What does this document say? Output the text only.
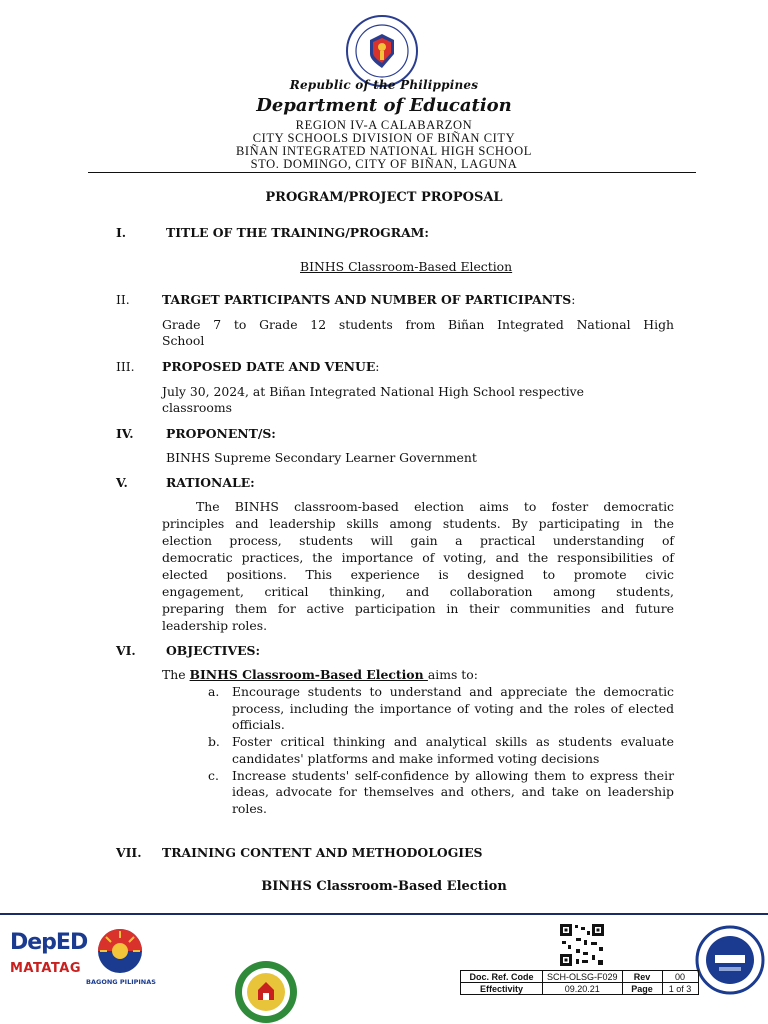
Republic of the Philippines
Department of Education
REGION IV-A CALABARZON
CITY SCHOOLS DIVISION OF BIÑAN CITY
BIÑAN INTEGRATED NATIONAL HIGH SCHOOL
STO. DOMINGO, CITY OF BIÑAN, LAGUNA
PROGRAM/PROJECT PROPOSAL
I.	TITLE OF THE TRAINING/PROGRAM:
BINHS Classroom-Based Election
II.	TARGET PARTICIPANTS AND NUMBER OF PARTICIPANTS:
Grade 7 to Grade 12 students from Biñan Integrated National High
School
III. PROPOSED DATE AND VENUE:
July 30, 2024, at Biñan Integrated National High School respective
classrooms
IV.	PROPONENT/S:
BINHS Supreme Secondary Learner Government
V.	RATIONALE:
The BINHS classroom-based election aims to foster democratic
principles and leadership skills among students. By participating in the
election process, students will gain a practical understanding of
democratic practices, the importance of voting, and the responsibilities of
elected positions. This experience is designed to promote civic
engagement, critical thinking, and collaboration among students,
preparing them for active participation in their communities and future
leadership roles.
VI. OBJECTIVES:
The BINHS Classroom-Based Election aims to:
a. Encourage students to understand and appreciate the democratic process, including the importance of voting and the roles of elected officials.
b. Foster critical thinking and analytical skills as students evaluate candidates' platforms and make informed voting decisions
c. Increase students' self-confidence by allowing them to express their ideas, advocate for themselves and others, and take on leadership roles.
VII. TRAINING CONTENT AND METHODOLOGIES
BINHS Classroom-Based Election
DepED
MATATAG
BAGONG PILIPINAS
Doc. Ref. Code	SCH-OLSG-F029	Rev	00
Effectivity	09.20.21	Page	1 of 3
